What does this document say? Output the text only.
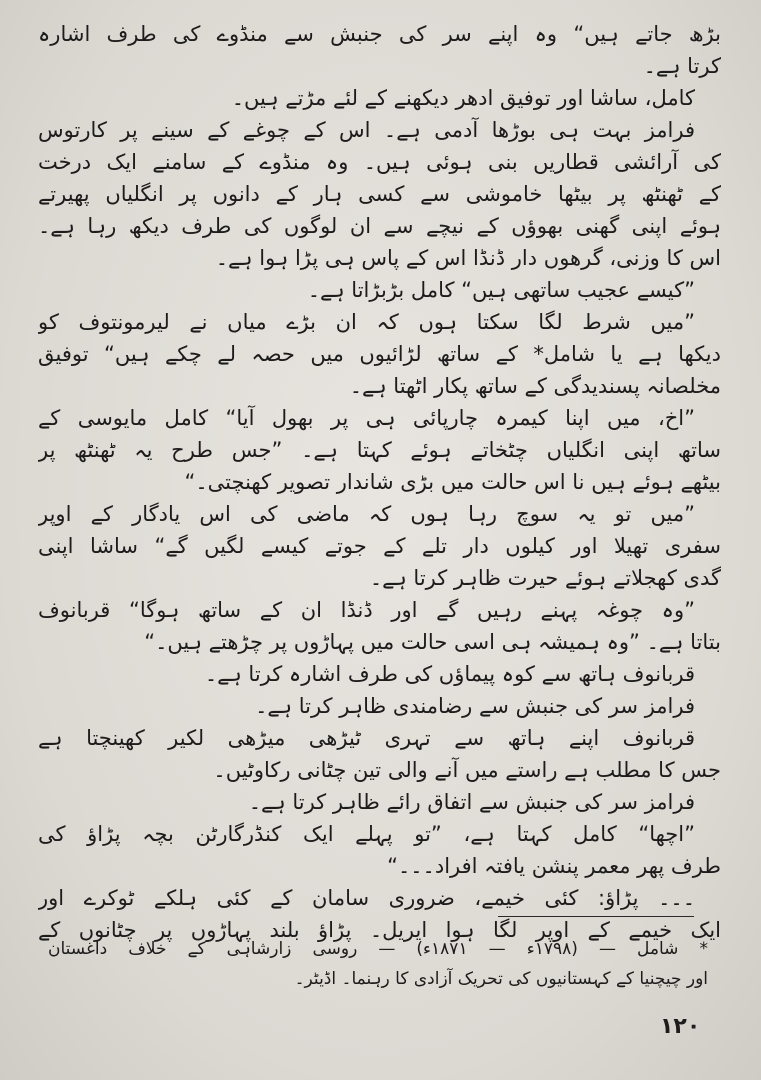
بڑھ جاتے ہیں“ وہ اپنے سر کی جنبش سے منڈوے کی طرف اشارہ
کرتا ہے۔
کامل، ساشا اور توفیق ادھر دیکھنے کے لئے مڑتے ہیں۔
فرامز بہت ہی بوڑھا آدمی ہے۔ اس کے چوغے کے سینے پر کارتوس
کی آرائشی قطاریں بنی ہوئی ہیں۔ وہ منڈوے کے سامنے ایک درخت
کے ٹھنٹھ پر بیٹھا خاموشی سے کسی ہار کے دانوں پر انگلیاں پھیرتے
ہوئے اپنی گھنی بھوؤں کے نیچے سے ان لوگوں کی طرف دیکھ رہا ہے۔
اس کا وزنی، گرھوں دار ڈنڈا اس کے پاس ہی پڑا ہوا ہے۔
”کیسے عجیب ساتھی ہیں“ کامل بڑبڑاتا ہے۔
”میں شرط لگا سکتا ہوں کہ ان بڑے میاں نے لیرمونتوف کو
دیکھا ہے یا شامل* کے ساتھ لڑائیوں میں حصہ لے چکے ہیں“ توفیق
مخلصانہ پسندیدگی کے ساتھ پکار اٹھتا ہے۔
”اخ، میں اپنا کیمرہ چارپائی ہی پر بھول آیا“ کامل مایوسی کے
ساتھ اپنی انگلیاں چٹخاتے ہوئے کہتا ہے۔ ”جس طرح یہ ٹھنٹھ پر
بیٹھے ہوئے ہیں نا اس حالت میں بڑی شاندار تصویر کھنچتی۔“
”میں تو یہ سوچ رہا ہوں کہ ماضی کی اس یادگار کے اوپر
سفری تھیلا اور کیلوں دار تلے کے جوتے کیسے لگیں گے“ ساشا اپنی
گدی کھجلاتے ہوئے حیرت ظاہر کرتا ہے۔
”وہ چوغہ پہنے رہیں گے اور ڈنڈا ان کے ساتھ ہوگا“ قربانوف
بتاتا ہے۔ ”وہ ہمیشہ ہی اسی حالت میں پہاڑوں پر چڑھتے ہیں۔“
قربانوف ہاتھ سے کوہ پیماؤں کی طرف اشارہ کرتا ہے۔
فرامز سر کی جنبش سے رضامندی ظاہر کرتا ہے۔
قربانوف اپنے ہاتھ سے تہری ٹیڑھی میڑھی لکیر کھینچتا ہے
جس کا مطلب ہے راستے میں آنے والی تین چٹانی رکاوٹیں۔
فرامز سر کی جنبش سے اتفاق رائے ظاہر کرتا ہے۔
”اچھا“ کامل کہتا ہے، ”تو پہلے ایک کنڈرگارٹن بچہ پڑاؤ کی
طرف پھر معمر پنشن یافتہ افراد۔۔۔“
۔۔۔ پڑاؤ: کئی خیمے، ضروری سامان کے کئی ہلکے ٹوکرے اور
ایک خیمے کے اوپر لگا ہوا ایریل۔ پڑاؤ بلند پہاڑوں پر چٹانوں کے
* شامل — (۱۷۹۸ء — ۱۸۷۱ء) — روسی زارشاہی کے خلاف داغستان
اور چیچنیا کے کہستانیوں کی تحریک آزادی کا رہنما۔ اڈیٹر۔
۱۲۰
